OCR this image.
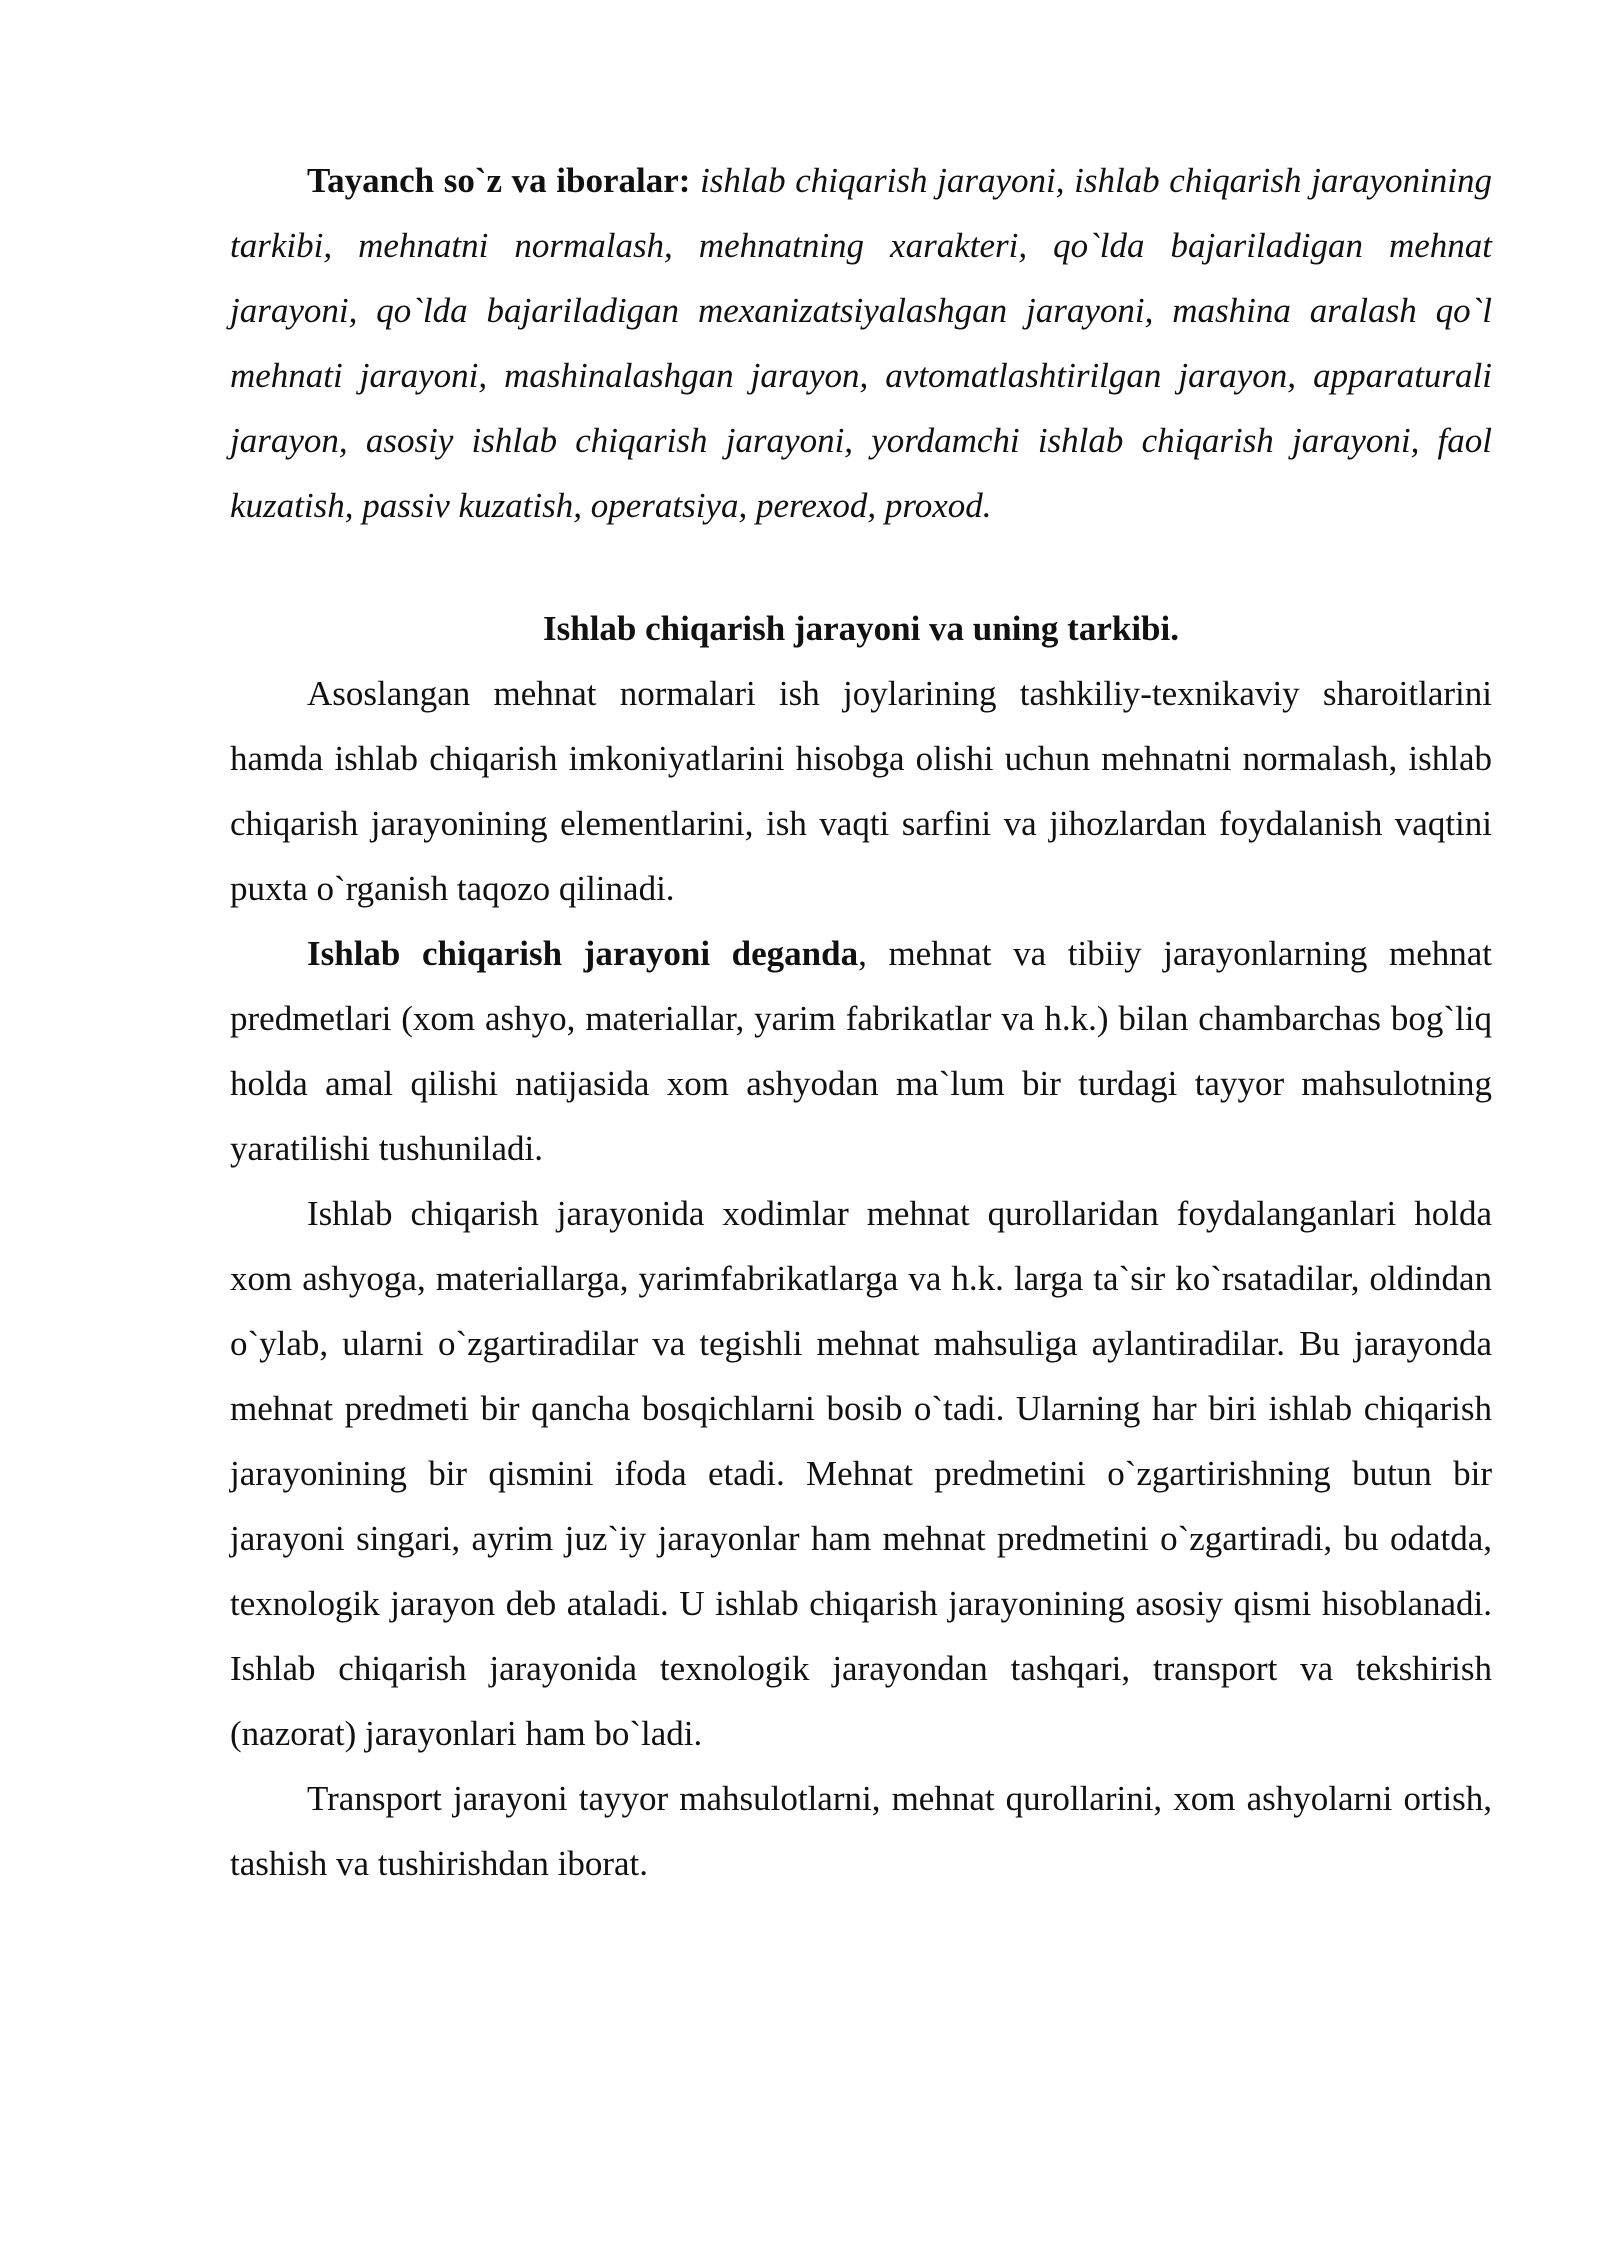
Tayanch so`z va iboralar: ishlab chiqarish jarayoni, ishlab chiqarish jarayonining tarkibi, mehnatni normalash, mehnatning xarakteri, qo`lda bajariladigan mehnat jarayoni, qo`lda bajariladigan mexanizatsiyalashgan jarayoni, mashina aralash qo`l mehnati jarayoni, mashinalashgan jarayon, avtomatlashtirilgan jarayon, apparaturali jarayon, asosiy ishlab chiqarish jarayoni, yordamchi ishlab chiqarish jarayoni, faol kuzatish, passiv kuzatish, operatsiya, perexod, proxod.

Ishlab chiqarish jarayoni va uning tarkibi.

Asoslangan mehnat normalari ish joylarining tashkiliy-texnikaviy sharoitlarini hamda ishlab chiqarish imkoniyatlarini hisobga olishi uchun mehnatni normalash, ishlab chiqarish jarayonining elementlarini, ish vaqti sarfini va jihozlardan foydalanish vaqtini puxta o`rganish taqozo qilinadi.

Ishlab chiqarish jarayoni deganda, mehnat va tibiiy jarayonlarning mehnat predmetlari (xom ashyo, materiallar, yarim fabrikatlar va h.k.) bilan chambarchas bog`liq holda amal qilishi natijasida xom ashyodan ma`lum bir turdagi tayyor mahsulotning yaratilishi tushuniladi.

Ishlab chiqarish jarayonida xodimlar mehnat qurollaridan foydalanganlari holda xom ashyoga, materiallarga, yarimfabrikatlarga va h.k. larga ta`sir ko`rsatadilar, oldindan o`ylab, ularni o`zgartiradilar va tegishli mehnat mahsuliga aylantiradilar. Bu jarayonda mehnat predmeti bir qancha bosqichlarni bosib o`tadi. Ularning har biri ishlab chiqarish jarayonining bir qismini ifoda etadi. Mehnat predmetini o`zgartirishning butun bir jarayoni singari, ayrim juz`iy jarayonlar ham mehnat predmetini o`zgartiradi, bu odatda, texnologik jarayon deb ataladi. U ishlab chiqarish jarayonining asosiy qismi hisoblanadi. Ishlab chiqarish jarayonida texnologik jarayondan tashqari, transport va tekshirish (nazorat) jarayonlari ham bo`ladi.

Transport jarayoni tayyor mahsulotlarni, mehnat qurollarini, xom ashyolarni ortish, tashish va tushirishdan iborat.
